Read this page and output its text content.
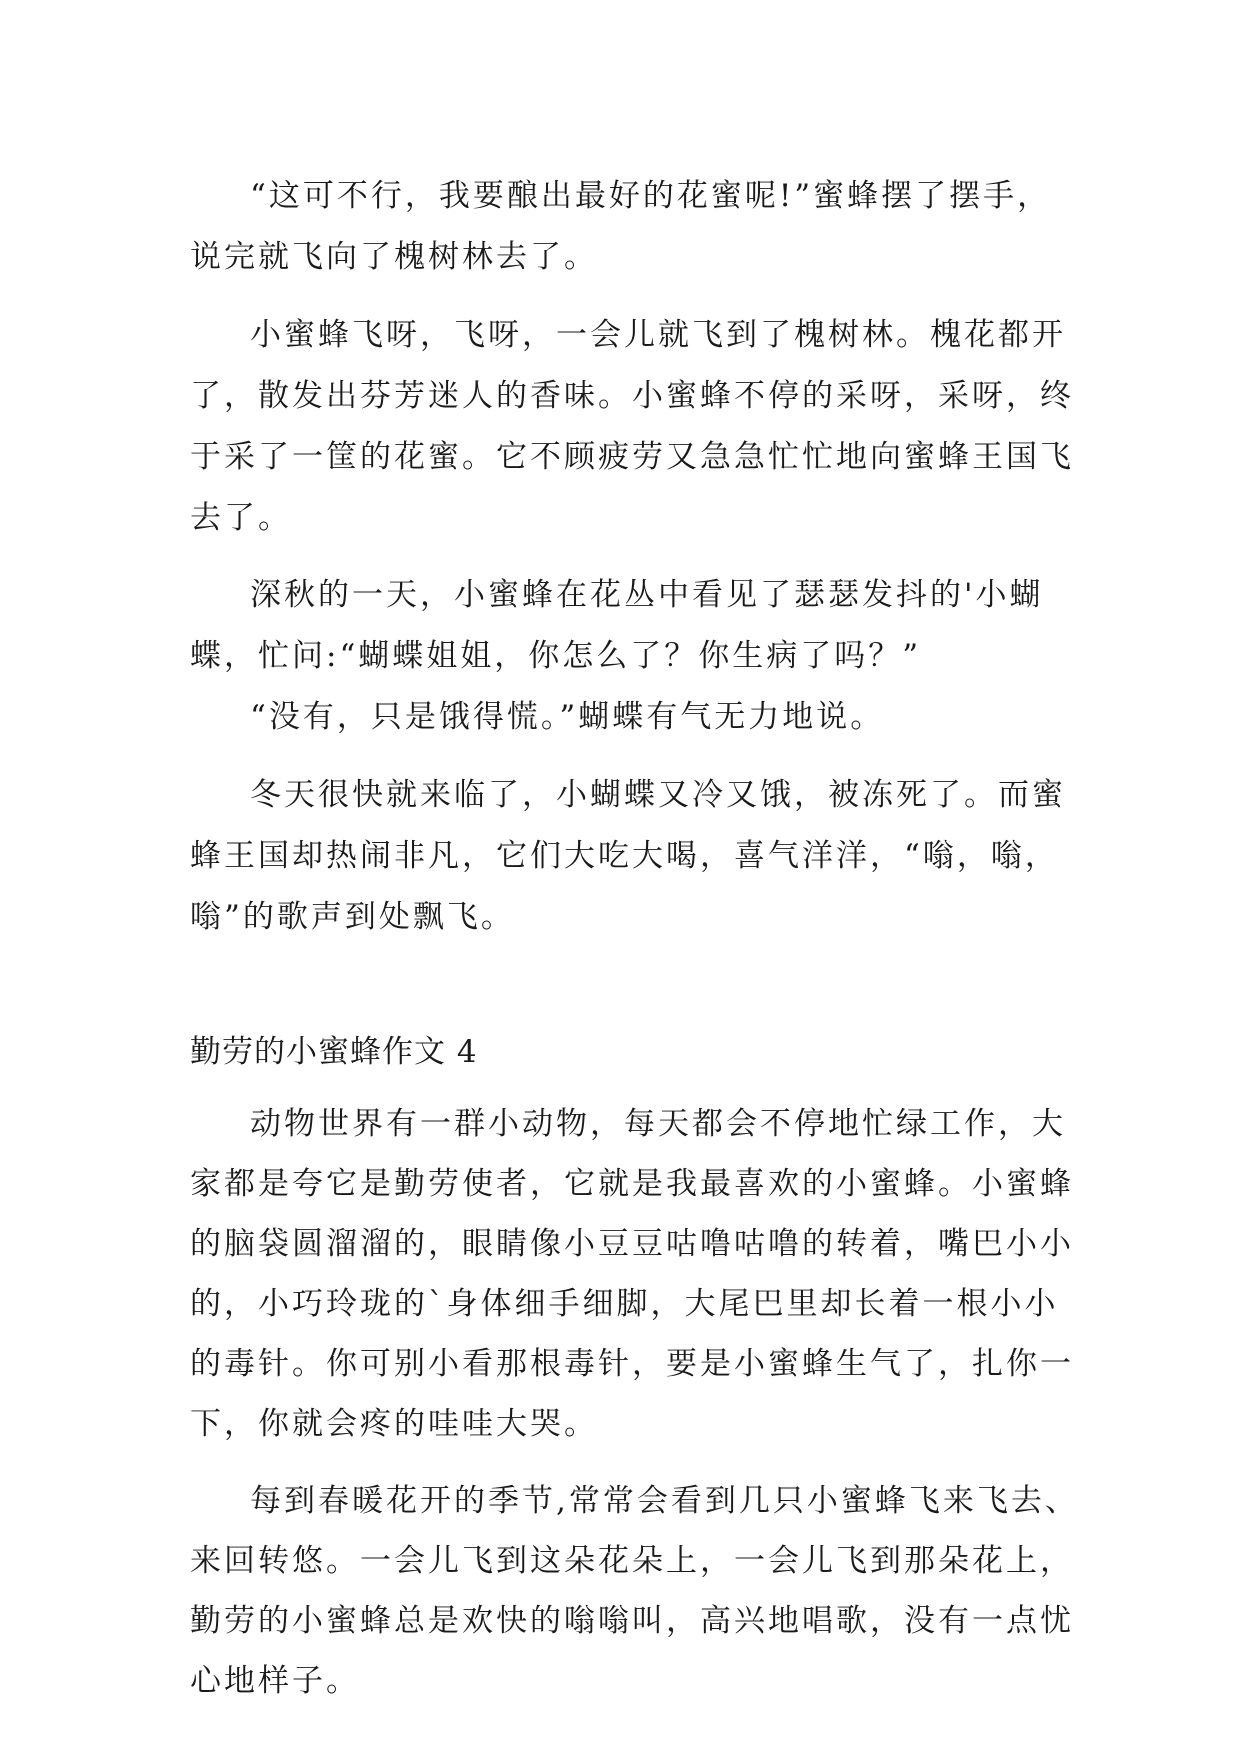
“这可不行，我要酿出最好的花蜜呢!”蜜蜂摆了摆手，
说完就飞向了槐树林去了。
小蜜蜂飞呀，飞呀，一会儿就飞到了槐树林。槐花都开
了，散发出芬芳迷人的香味。小蜜蜂不停的采呀，采呀，终
于采了一筐的花蜜。它不顾疲劳又急急忙忙地向蜜蜂王国飞
去了。
深秋的一天，小蜜蜂在花丛中看见了瑟瑟发抖的'小蝴
蝶，忙问:“蝴蝶姐姐，你怎么了？你生病了吗？”
“没有，只是饿得慌。”蝴蝶有气无力地说。
冬天很快就来临了，小蝴蝶又冷又饿，被冻死了。而蜜
蜂王国却热闹非凡，它们大吃大喝，喜气洋洋，“嗡，嗡，
嗡”的歌声到处飘飞。
勤劳的小蜜蜂作文 4
动物世界有一群小动物，每天都会不停地忙绿工作，大
家都是夸它是勤劳使者，它就是我最喜欢的小蜜蜂。小蜜蜂
的脑袋圆溜溜的，眼睛像小豆豆咕噜咕噜的转着，嘴巴小小
的，小巧玲珑的`身体细手细脚，大尾巴里却长着一根小小
的毒针。你可别小看那根毒针，要是小蜜蜂生气了，扎你一
下，你就会疼的哇哇大哭。
每到春暖花开的季节,常常会看到几只小蜜蜂飞来飞去、
来回转悠。一会儿飞到这朵花朵上，一会儿飞到那朵花上，
勤劳的小蜜蜂总是欢快的嗡嗡叫，高兴地唱歌，没有一点忧
心地样子。
